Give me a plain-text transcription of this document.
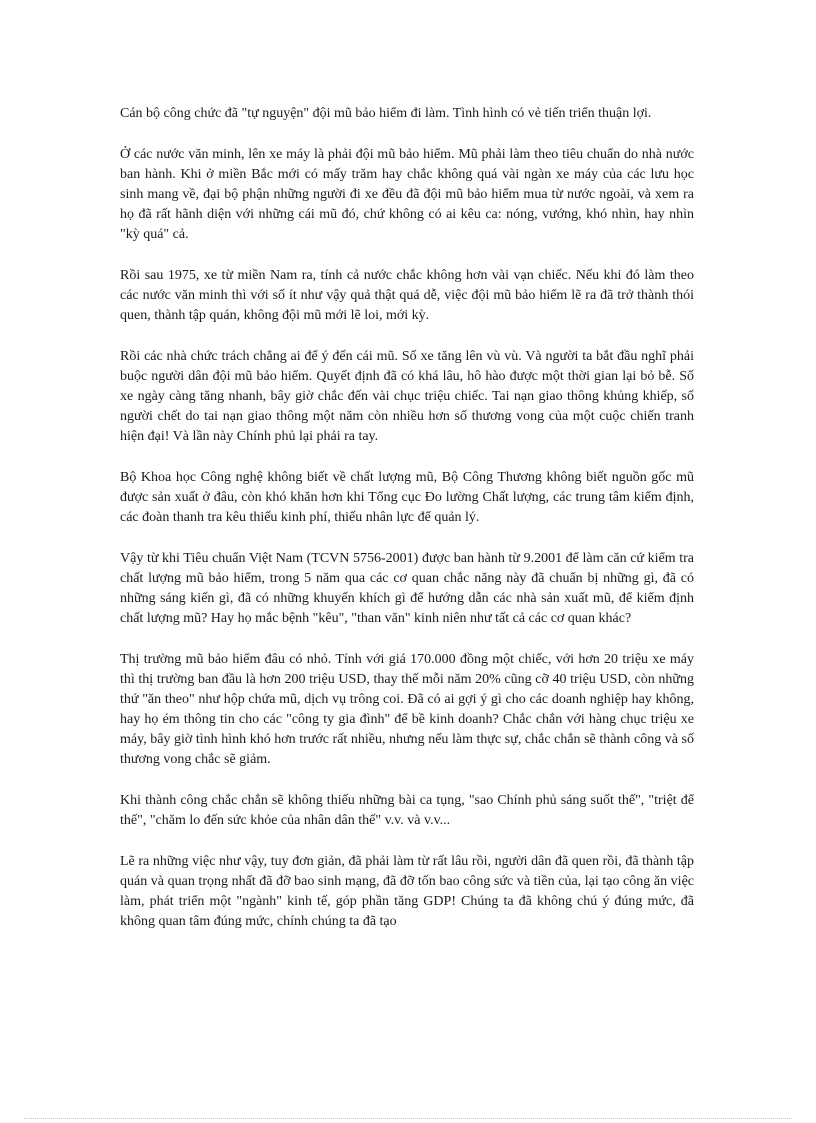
Cán bộ công chức đã "tự nguyện" đội mũ bảo hiểm đi làm. Tình hình có vẻ tiến triển thuận lợi.

Ở các nước văn minh, lên xe máy là phải đội mũ bảo hiểm. Mũ phải làm theo tiêu chuẩn do nhà nước ban hành. Khi ở miền Bắc mới có mấy trăm hay chắc không quá vài ngàn xe máy của các lưu học sinh mang về, đại bộ phận những người đi xe đều đã đội mũ bảo hiểm mua từ nước ngoài, và xem ra họ đã rất hãnh diện với những cái mũ đó, chứ không có ai kêu ca: nóng, vướng, khó nhìn, hay nhìn "kỳ quá" cả.

Rồi sau 1975, xe từ miền Nam ra, tính cả nước chắc không hơn vài vạn chiếc. Nếu khi đó làm theo các nước văn minh thì với số ít như vậy quả thật quá dễ, việc đội mũ bảo hiểm lẽ ra đã trở thành thói quen, thành tập quán, không đội mũ mới lẽ loi, mới kỳ.

Rồi các nhà chức trách chẳng ai để ý đến cái mũ. Số xe tăng lên vù vù. Và người ta bắt đầu nghĩ phải buộc người dân đội mũ bảo hiểm. Quyết định đã có khá lâu, hô hào được một thời gian lại bỏ bễ. Số xe ngày càng tăng nhanh, bây giờ chắc đến vài chục triệu chiếc. Tai nạn giao thông khủng khiếp, số người chết do tai nạn giao thông một năm còn nhiều hơn số thương vong của một cuộc chiến tranh hiện đại! Và lần này Chính phủ lại phải ra tay.

Bộ Khoa học Công nghệ không biết về chất lượng mũ, Bộ Công Thương không biết nguồn gốc mũ được sản xuất ở đâu, còn khó khăn hơn khi Tổng cục Đo lường Chất lượng, các trung tâm kiểm định, các đoàn thanh tra kêu thiếu kinh phí, thiếu nhân lực để quản lý.

Vậy từ khi Tiêu chuẩn Việt Nam (TCVN 5756-2001) được ban hành từ 9.2001 để làm căn cứ kiểm tra chất lượng mũ bảo hiểm, trong 5 năm qua các cơ quan chắc năng này đã chuẩn bị những gì, đã có những sáng kiến gì, đã có những khuyến khích gì để hướng dẫn các nhà sản xuất mũ, để kiểm định chất lượng mũ? Hay họ mắc bệnh "kêu", "than văn" kinh niên như tất cả các cơ quan khác?

Thị trường mũ bảo hiểm đâu có nhỏ. Tính với giá 170.000 đồng một chiếc, với hơn 20 triệu xe máy thì thị trường ban đầu là hơn 200 triệu USD, thay thế mỗi năm 20% cũng cỡ 40 triệu USD, còn những thứ "ăn theo" như hộp chứa mũ, dịch vụ trông coi. Đã có ai gợi ý gì cho các doanh nghiệp hay không, hay họ ém thông tin cho các "công ty gia đình" để bề kinh doanh? Chắc chắn với hàng chục triệu xe máy, bây giờ tình hình khó hơn trước rất nhiều, nhưng nếu làm thực sự, chắc chắn sẽ thành công và số thương vong chắc sẽ giảm.

Khi thành công chắc chắn sẽ không thiếu những bài ca tụng, "sao Chính phủ sáng suốt thế", "triệt để thế", "chăm lo đến sức khỏe của nhân dân thế" v.v. và v.v...

Lẽ ra những việc như vậy, tuy đơn giản, đã phải làm từ rất lâu rồi, người dân đã quen rồi, đã thành tập quán và quan trọng nhất đã đỡ bao sinh mạng, đã đỡ tốn bao công sức và tiền của, lại tạo công ăn việc làm, phát triển một "ngành" kinh tế, góp phần tăng GDP! Chúng ta đã không chú ý đúng mức, đã không quan tâm đúng mức, chính chúng ta đã tạo
